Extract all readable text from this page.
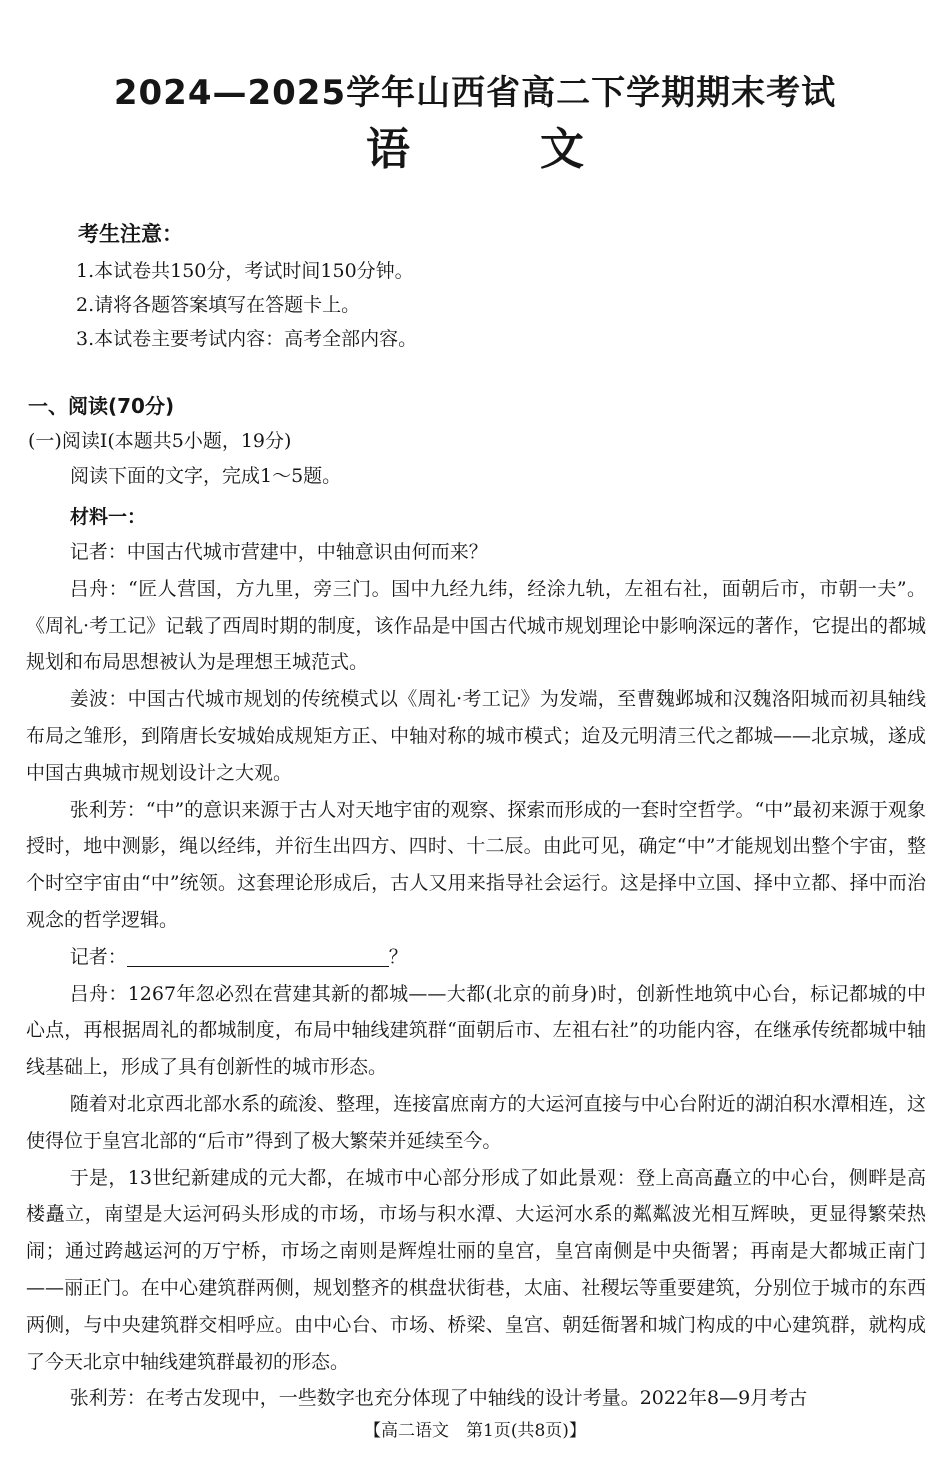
2024—2025学年山西省高二下学期期末考试
语	文
考生注意：
1.本试卷共150分，考试时间150分钟。
2.请将各题答案填写在答题卡上。
3.本试卷主要考试内容：高考全部内容。
一、阅读(70分)
(一)阅读Ⅰ(本题共5小题，19分)
阅读下面的文字，完成1～5题。
材料一：

记者：中国古代城市营建中，中轴意识由何而来？

吕舟：“匠人营国，方九里，旁三门。国中九经九纬，经涂九轨，左祖右社，面朝后市，市朝一夫”。《周礼·考工记》记载了西周时期的制度，该作品是中国古代城市规划理论中影响深远的著作，它提出的都城规划和布局思想被认为是理想王城范式。

姜波：中国古代城市规划的传统模式以《周礼·考工记》为发端，至曹魏邺城和汉魏洛阳城而初具轴线布局之雏形，到隋唐长安城始成规矩方正、中轴对称的城市模式；迨及元明清三代之都城——北京城，遂成中国古典城市规划设计之大观。

张利芳：“中”的意识来源于古人对天地宇宙的观察、探索而形成的一套时空哲学。“中”最初来源于观象授时，地中测影，绳以经纬，并衍生出四方、四时、十二辰。由此可见，确定“中”才能规划出整个宇宙，整个时空宇宙由“中”统领。这套理论形成后，古人又用来指导社会运行。这是择中立国、择中立都、择中而治观念的哲学逻辑。

记者：	？

吕舟：1267年忽必烈在营建其新的都城——大都(北京的前身)时，创新性地筑中心台，标记都城的中心点，再根据周礼的都城制度，布局中轴线建筑群“面朝后市、左祖右社”的功能内容，在继承传统都城中轴线基础上，形成了具有创新性的城市形态。

随着对北京西北部水系的疏浚、整理，连接富庶南方的大运河直接与中心台附近的湖泊积水潭相连，这使得位于皇宫北部的“后市”得到了极大繁荣并延续至今。

于是，13世纪新建成的元大都，在城市中心部分形成了如此景观：登上高高矗立的中心台，侧畔是高楼矗立，南望是大运河码头形成的市场，市场与积水潭、大运河水系的粼粼波光相互辉映，更显得繁荣热闹；通过跨越运河的万宁桥，市场之南则是辉煌壮丽的皇宫，皇宫南侧是中央衙署；再南是大都城正南门——丽正门。在中心建筑群两侧，规划整齐的棋盘状街巷，太庙、社稷坛等重要建筑，分别位于城市的东西两侧，与中央建筑群交相呼应。由中心台、市场、桥梁、皇宫、朝廷衙署和城门构成的中心建筑群，就构成了今天北京中轴线建筑群最初的形态。

张利芳：在考古发现中，一些数字也充分体现了中轴线的设计考量。2022年8—9月考古

【高二语文　第1页(共8页)】
